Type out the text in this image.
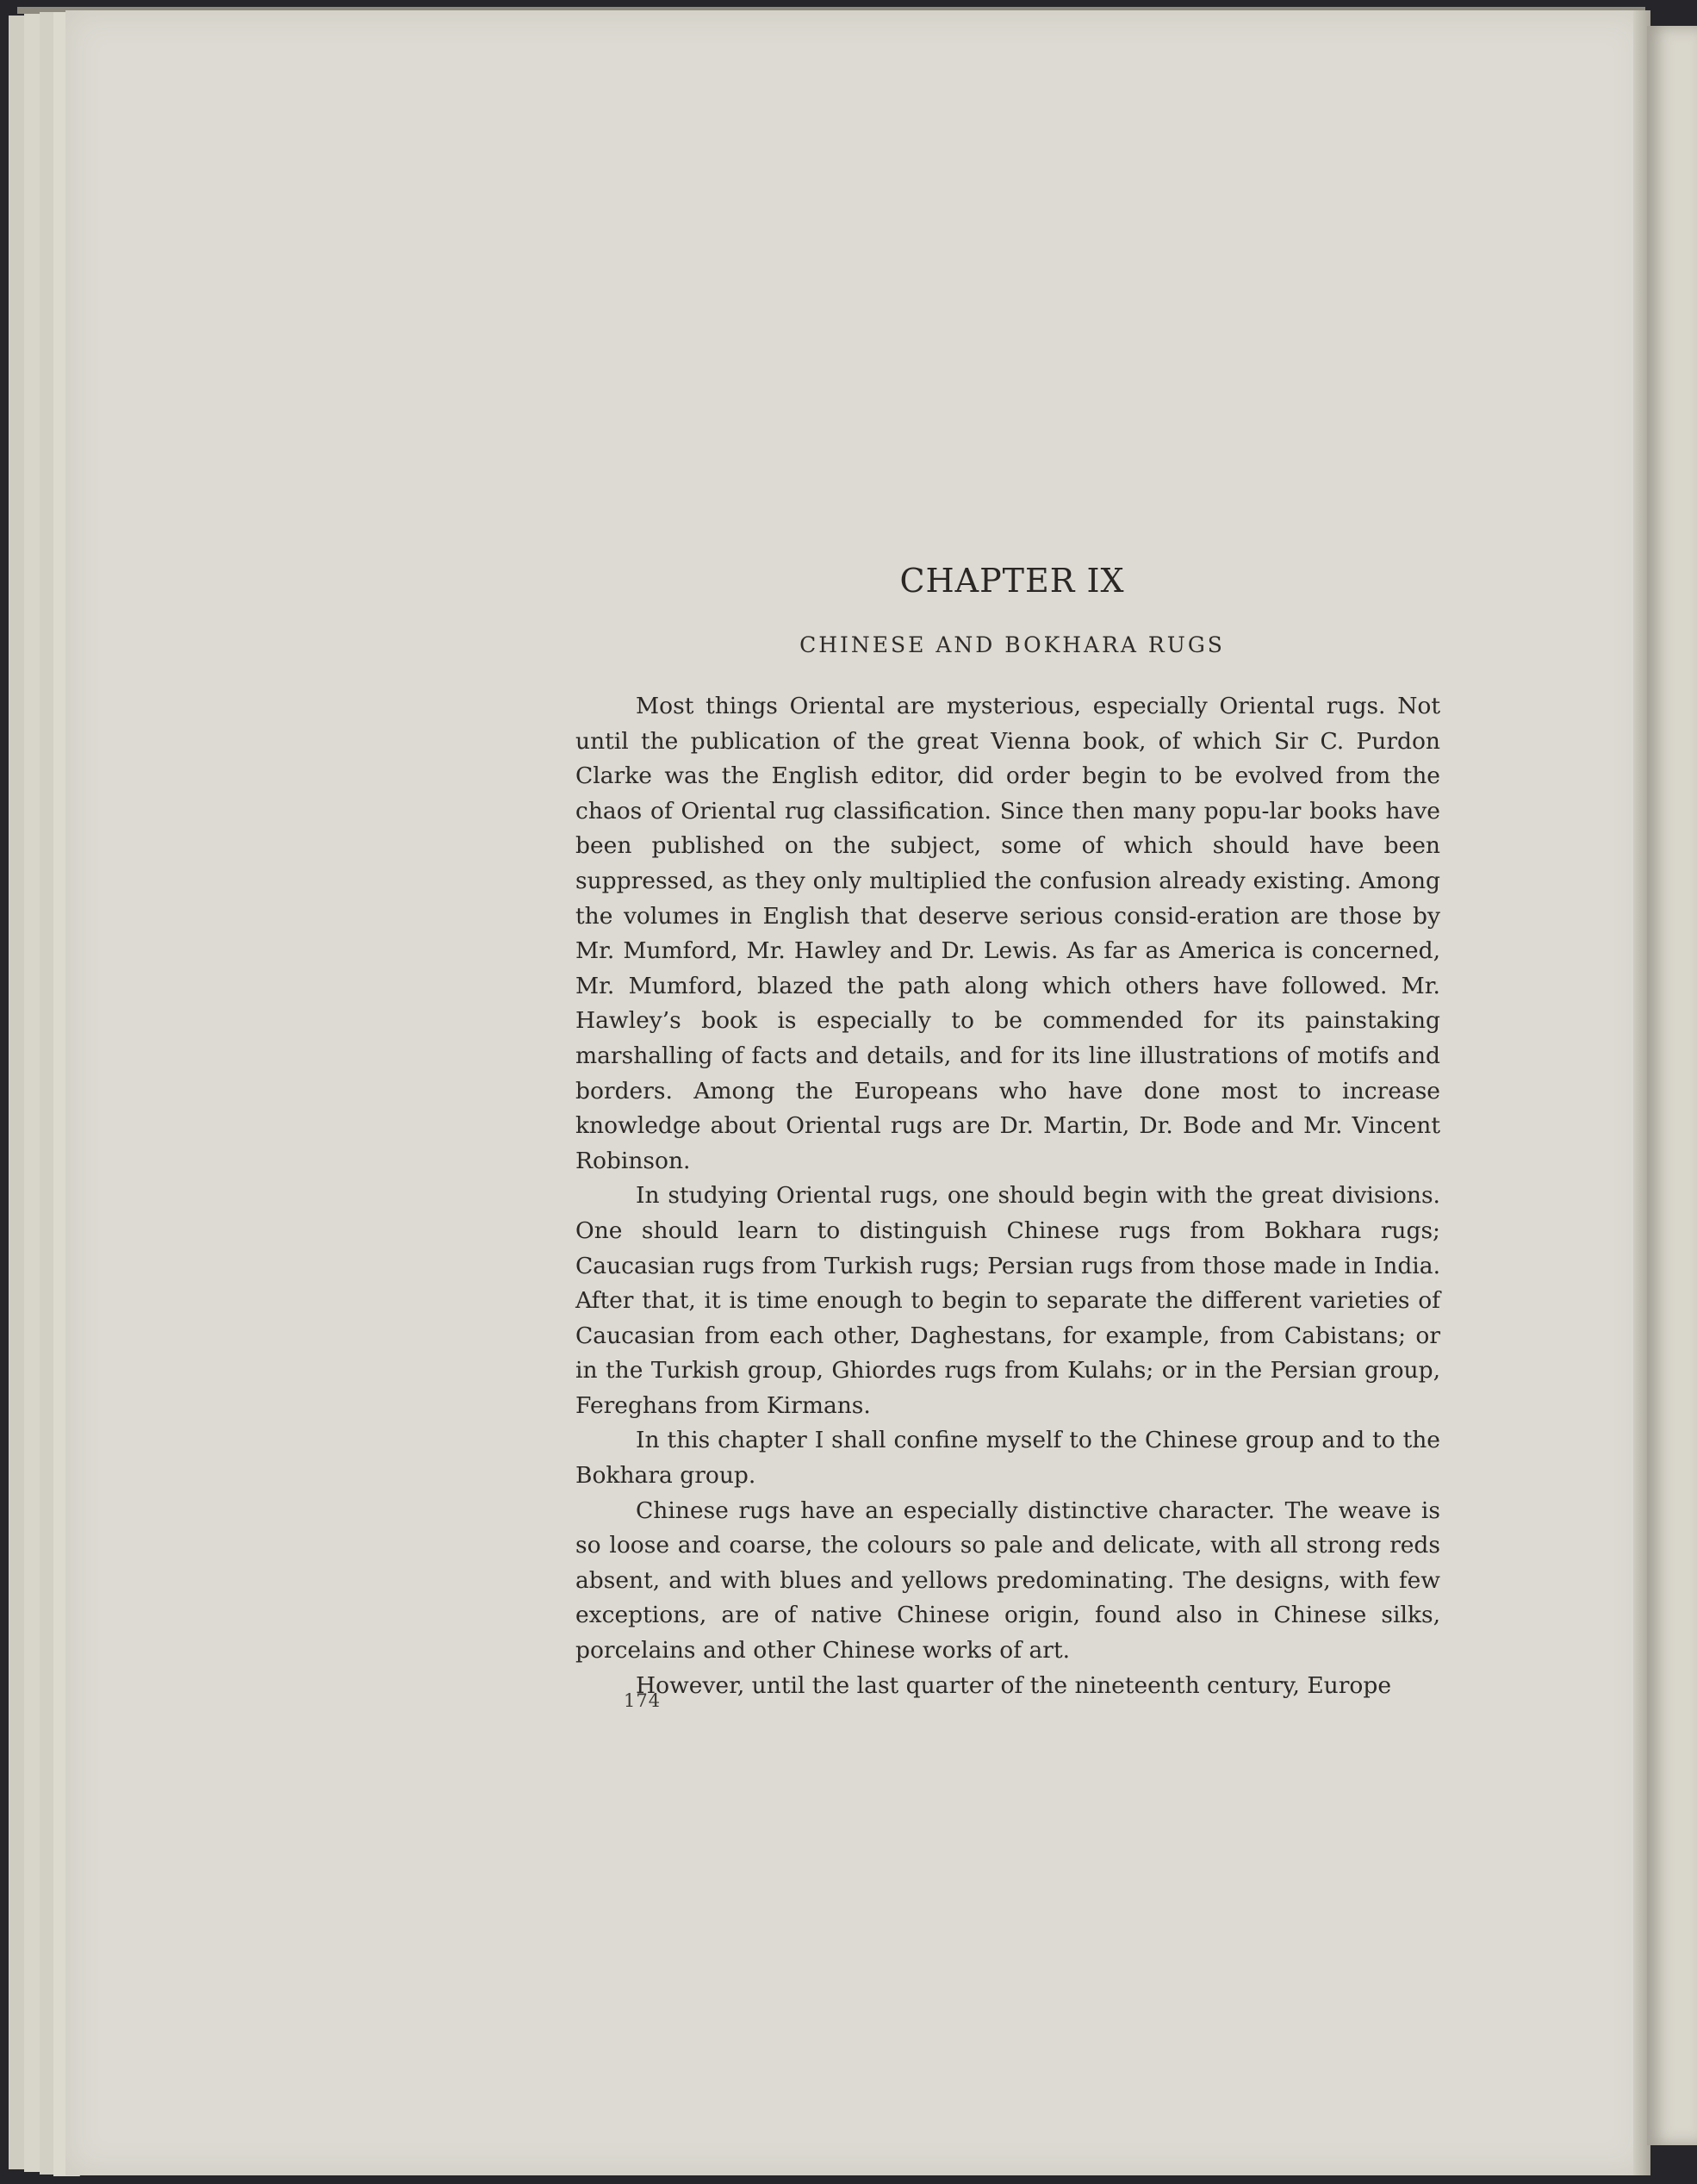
CHAPTER IX
CHINESE AND BOKHARA RUGS

Most things Oriental are mysterious, especially Oriental rugs. Not until the publication of the great Vienna book, of which Sir C. Purdon Clarke was the English editor, did order begin to be evolved from the chaos of Oriental rug classification. Since then many popu-lar books have been published on the subject, some of which should have been suppressed, as they only multiplied the confusion already existing. Among the volumes in English that deserve serious consid-eration are those by Mr. Mumford, Mr. Hawley and Dr. Lewis. As far as America is concerned, Mr. Mumford, blazed the path along which others have followed. Mr. Hawley’s book is especially to be commended for its painstaking marshalling of facts and details, and for its line illustrations of motifs and borders. Among the Europeans who have done most to increase knowledge about Oriental rugs are Dr. Martin, Dr. Bode and Mr. Vincent Robinson.

In studying Oriental rugs, one should begin with the great divisions. One should learn to distinguish Chinese rugs from Bokhara rugs; Caucasian rugs from Turkish rugs; Persian rugs from those made in India. After that, it is time enough to begin to separate the different varieties of Caucasian from each other, Daghestans, for example, from Cabistans; or in the Turkish group, Ghiordes rugs from Kulahs; or in the Persian group, Fereghans from Kirmans.

In this chapter I shall confine myself to the Chinese group and to the Bokhara group.

Chinese rugs have an especially distinctive character. The weave is so loose and coarse, the colours so pale and delicate, with all strong reds absent, and with blues and yellows predominating. The designs, with few exceptions, are of native Chinese origin, found also in Chinese silks, porcelains and other Chinese works of art.

However, until the last quarter of the nineteenth century, Europe

174
